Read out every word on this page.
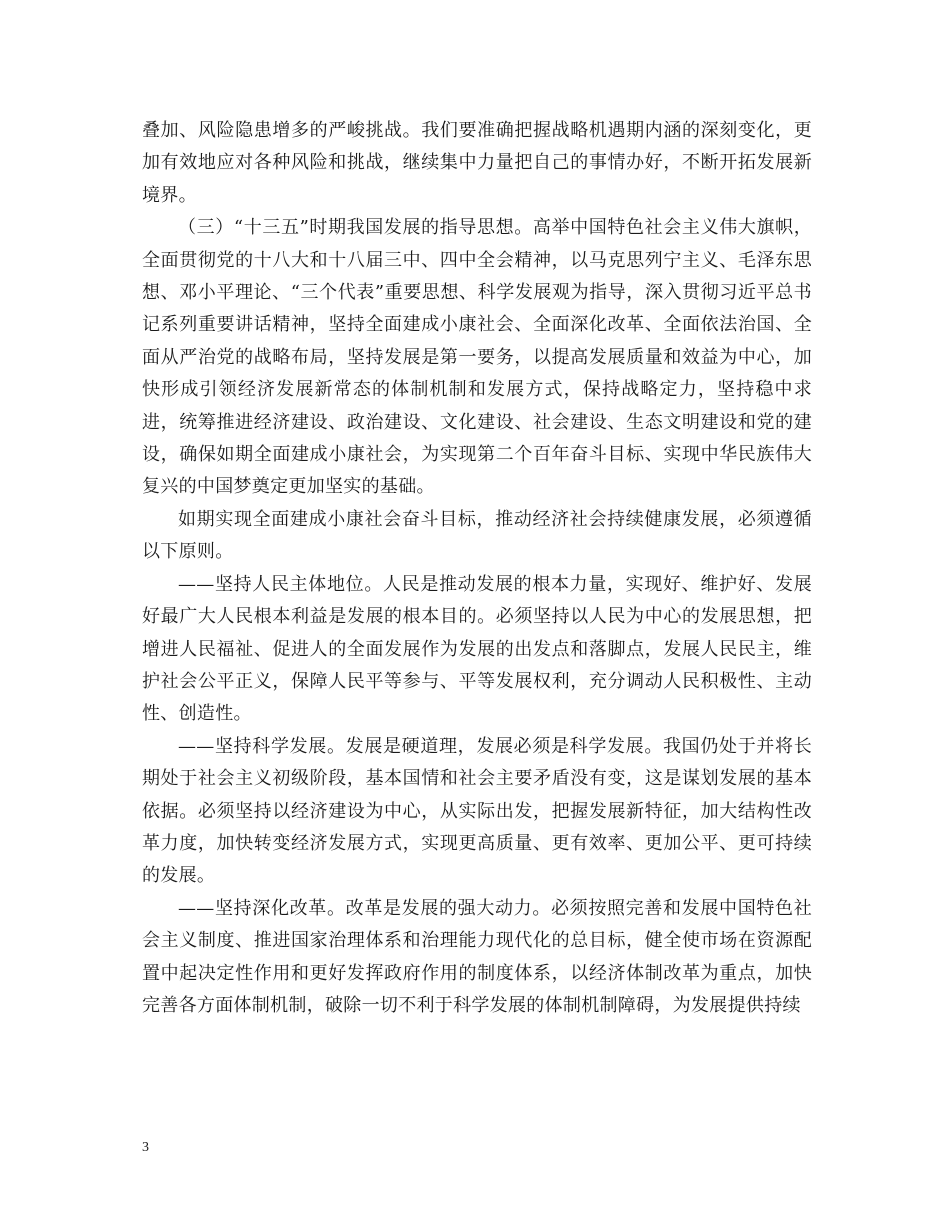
叠加、风险隐患增多的严峻挑战。我们要准确把握战略机遇期内涵的深刻变化，更加有效地应对各种风险和挑战，继续集中力量把自己的事情办好，不断开拓发展新境界。

（三）“十三五”时期我国发展的指导思想。高举中国特色社会主义伟大旗帜，全面贯彻党的十八大和十八届三中、四中全会精神，以马克思列宁主义、毛泽东思想、邓小平理论、“三个代表”重要思想、科学发展观为指导，深入贯彻习近平总书记系列重要讲话精神，坚持全面建成小康社会、全面深化改革、全面依法治国、全面从严治党的战略布局，坚持发展是第一要务，以提高发展质量和效益为中心，加快形成引领经济发展新常态的体制机制和发展方式，保持战略定力，坚持稳中求进，统筹推进经济建设、政治建设、文化建设、社会建设、生态文明建设和党的建设，确保如期全面建成小康社会，为实现第二个百年奋斗目标、实现中华民族伟大复兴的中国梦奠定更加坚实的基础。

如期实现全面建成小康社会奋斗目标，推动经济社会持续健康发展，必须遵循以下原则。

——坚持人民主体地位。人民是推动发展的根本力量，实现好、维护好、发展好最广大人民根本利益是发展的根本目的。必须坚持以人民为中心的发展思想，把增进人民福祉、促进人的全面发展作为发展的出发点和落脚点，发展人民民主，维护社会公平正义，保障人民平等参与、平等发展权利，充分调动人民积极性、主动性、创造性。

——坚持科学发展。发展是硬道理，发展必须是科学发展。我国仍处于并将长期处于社会主义初级阶段，基本国情和社会主要矛盾没有变，这是谋划发展的基本依据。必须坚持以经济建设为中心，从实际出发，把握发展新特征，加大结构性改革力度，加快转变经济发展方式，实现更高质量、更有效率、更加公平、更可持续的发展。

——坚持深化改革。改革是发展的强大动力。必须按照完善和发展中国特色社会主义制度、推进国家治理体系和治理能力现代化的总目标，健全使市场在资源配置中起决定性作用和更好发挥政府作用的制度体系，以经济体制改革为重点，加快完善各方面体制机制，破除一切不利于科学发展的体制机制障碍，为发展提供持续

3
